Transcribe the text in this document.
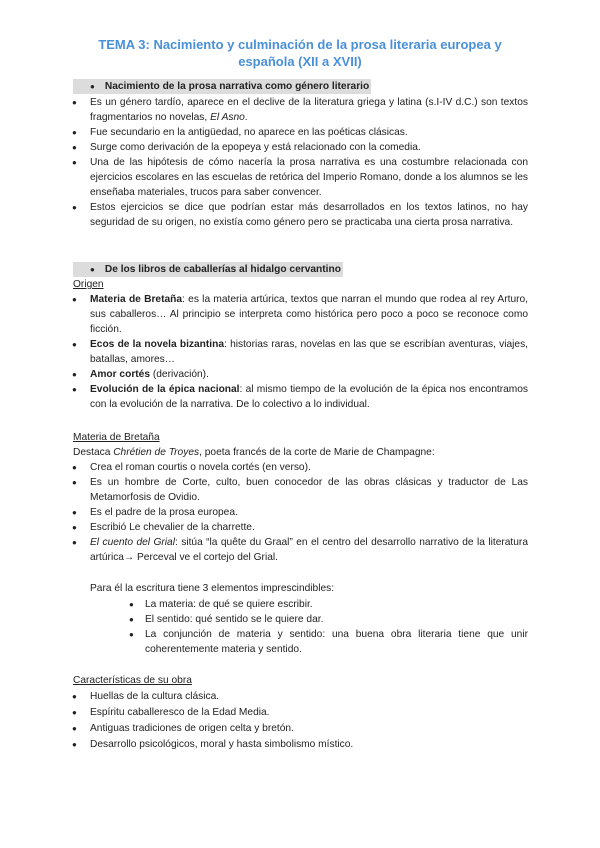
TEMA 3: Nacimiento y culminación de la prosa literaria europea y española (XII a XVII)
● Nacimiento de la prosa narrativa como género literario
● Es un género tardío, aparece en el declive de la literatura griega y latina (s.I-IV d.C.) son textos fragmentarios no novelas, El Asno.
● Fue secundario en la antigüedad, no aparece en las poéticas clásicas.
● Surge como derivación de la epopeya y está relacionado con la comedia.
● Una de las hipótesis de cómo nacería la prosa narrativa es una costumbre relacionada con ejercicios escolares en las escuelas de retórica del Imperio Romano, donde a los alumnos se les enseñaba materiales, trucos para saber convencer.
● Estos ejercicios se dice que podrían estar más desarrollados en los textos latinos, no hay seguridad de su origen, no existía como género pero se practicaba una cierta prosa narrativa.
● De los libros de caballerías al hidalgo cervantino
Origen
● Materia de Bretaña: es la materia artúrica, textos que narran el mundo que rodea al rey Arturo, sus caballeros… Al principio se interpreta como histórica pero poco a poco se reconoce como ficción.
● Ecos de la novela bizantina: historias raras, novelas en las que se escribían aventuras, viajes, batallas, amores…
● Amor cortés (derivación).
● Evolución de la épica nacional: al mismo tiempo de la evolución de la épica nos encontramos con la evolución de la narrativa. De lo colectivo a lo individual.
Materia de Bretaña
Destaca Chrétien de Troyes, poeta francés de la corte de Marie de Champagne:
● Crea el roman courtis o novela cortés (en verso).
● Es un hombre de Corte, culto, buen conocedor de las obras clásicas y traductor de Las Metamorfosis de Ovidio.
● Es el padre de la prosa europea.
● Escribió Le chevalier de la charrette.
● El cuento del Grial: sitúa “la quête du Graal” en el centro del desarrollo narrativo de la literatura artúrica→ Perceval ve el cortejo del Grial.
Para él la escritura tiene 3 elementos imprescindibles:
● La materia: de qué se quiere escribir.
● El sentido: qué sentido se le quiere dar.
● La conjunción de materia y sentido: una buena obra literaria tiene que unir coherentemente materia y sentido.
Características de su obra
● Huellas de la cultura clásica.
● Espíritu caballeresco de la Edad Media.
● Antiguas tradiciones de origen celta y bretón.
● Desarrollo psicológicos, moral y hasta simbolismo místico.
